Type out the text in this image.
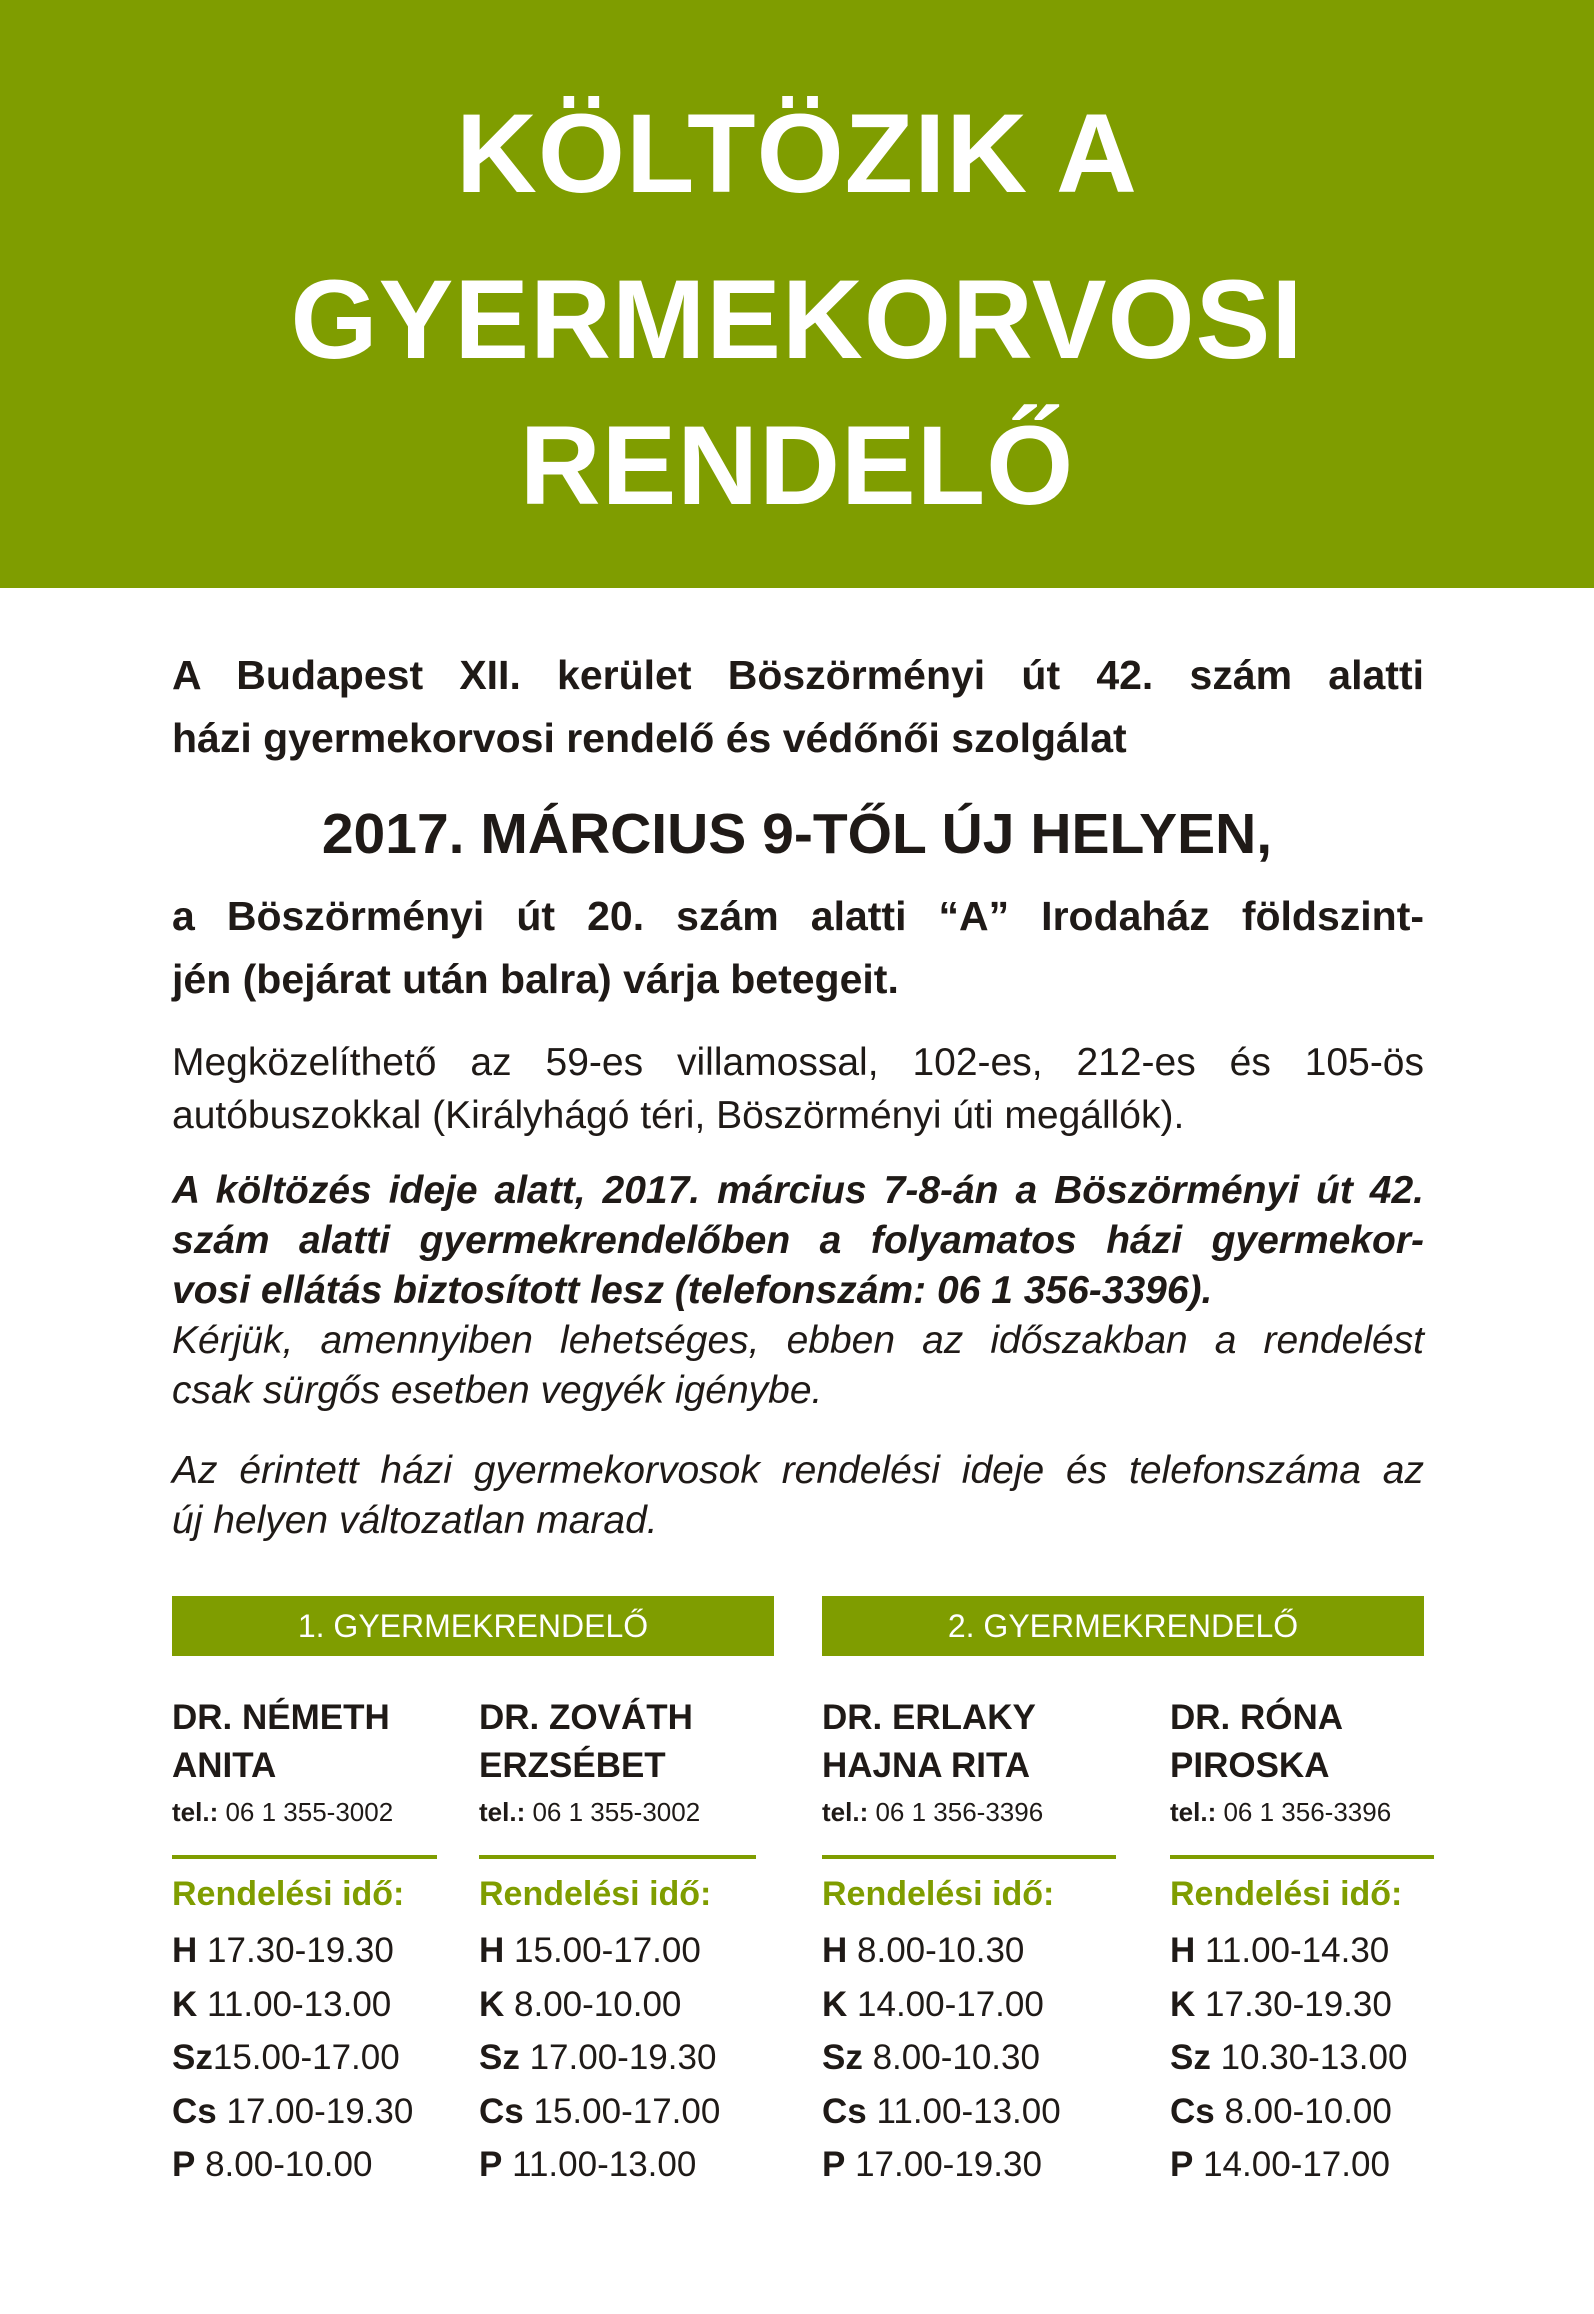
KÖLTÖZIK A
GYERMEKORVOSI
RENDELŐ
A Budapest XII. kerület Böszörményi út 42. szám alatti
házi gyermekorvosi rendelő és védőnői szolgálat
2017. MÁRCIUS 9-TŐL ÚJ HELYEN,
a Böszörményi út 20. szám alatti “A” Irodaház földszint-
jén (bejárat után balra) várja betegeit.
Megközelíthető az 59-es villamossal, 102-es, 212-es és 105-ös
autóbuszokkal (Királyhágó téri, Böszörményi úti megállók).
A költözés ideje alatt, 2017. március 7-8-án a Böszörményi út 42.
szám alatti gyermekrendelőben a folyamatos házi gyermekor-
vosi ellátás biztosított lesz (telefonszám: 06 1 356-3396).
Kérjük, amennyiben lehetséges, ebben az időszakban a rendelést
csak sürgős esetben vegyék igénybe.
Az érintett házi gyermekorvosok rendelési ideje és telefonszáma az
új helyen változatlan marad.
1. GYERMEKRENDELŐ	2. GYERMEKRENDELŐ
DR. NÉMETH
ANITA
tel.: 06 1 355-3002
Rendelési idő:
H 17.30-19.30
K 11.00-13.00
Sz15.00-17.00
Cs 17.00-19.30
P 8.00-10.00
DR. ZOVÁTH
ERZSÉBET
tel.: 06 1 355-3002
Rendelési idő:
H 15.00-17.00
K 8.00-10.00
Sz 17.00-19.30
Cs 15.00-17.00
P 11.00-13.00
DR. ERLAKY
HAJNA RITA
tel.: 06 1 356-3396
Rendelési idő:
H 8.00-10.30
K 14.00-17.00
Sz 8.00-10.30
Cs 11.00-13.00
P 17.00-19.30
DR. RÓNA
PIROSKA
tel.: 06 1 356-3396
Rendelési idő:
H 11.00-14.30
K 17.30-19.30
Sz 10.30-13.00
Cs 8.00-10.00
P 14.00-17.00
